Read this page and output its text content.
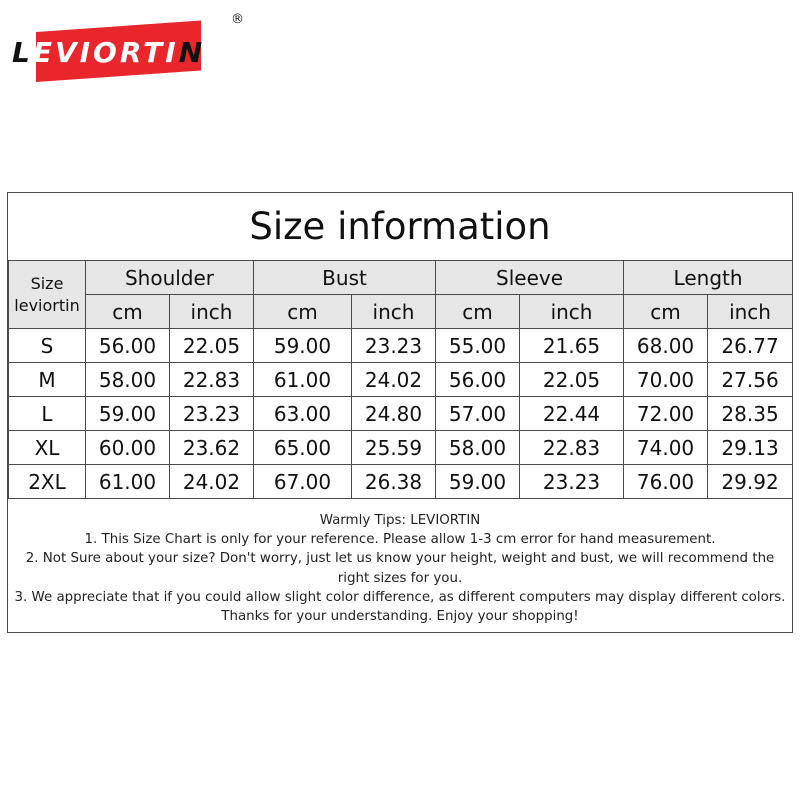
LEVIORTIN
®
Size information
Size
leviortin	Shoulder		Bust		Sleeve		Length	
	cm	inch	cm	inch	cm	inch	cm	inch
S	56.00	22.05	59.00	23.23	55.00	21.65	68.00	26.77
M	58.00	22.83	61.00	24.02	56.00	22.05	70.00	27.56
L	59.00	23.23	63.00	24.80	57.00	22.44	72.00	28.35
XL	60.00	23.62	65.00	25.59	58.00	22.83	74.00	29.13
2XL	61.00	24.02	67.00	26.38	59.00	23.23	76.00	29.92
Warmly Tips: LEVIORTIN
1. This Size Chart is only for your reference. Please allow 1-3 cm error for hand measurement.
2. Not Sure about your size? Don't worry, just let us know your height, weight and bust, we will recommend the right sizes for you.
3. We appreciate that if you could allow slight color difference, as different computers may display different colors.
Thanks for your understanding. Enjoy your shopping!
